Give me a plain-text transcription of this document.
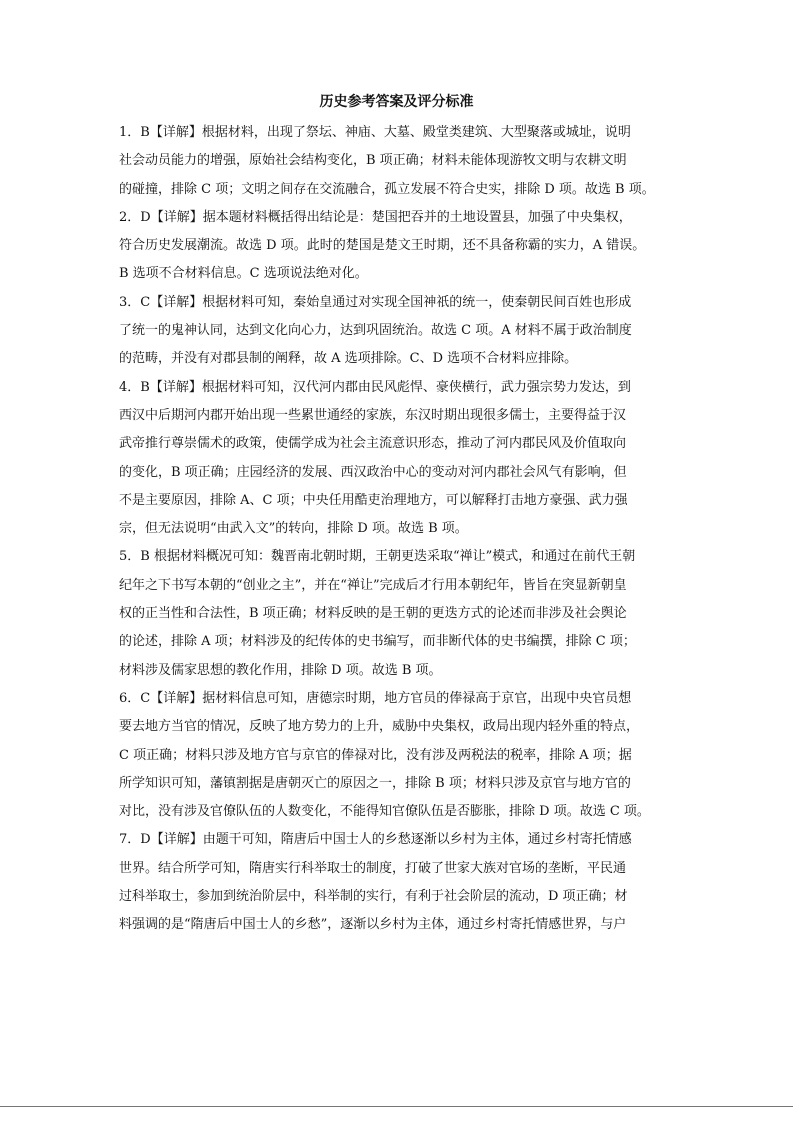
历史参考答案及评分标准
1．B【详解】根据材料，出现了祭坛、神庙、大墓、殿堂类建筑、大型聚落或城址，说明
社会动员能力的增强，原始社会结构变化，B 项正确；材料未能体现游牧文明与农耕文明
的碰撞，排除 C 项；文明之间存在交流融合，孤立发展不符合史实，排除 D 项。故选 B 项。
2．D【详解】据本题材料概括得出结论是：楚国把吞并的土地设置县，加强了中央集权，
符合历史发展潮流。故选 D 项。此时的楚国是楚文王时期，还不具备称霸的实力，A 错误。
B 选项不合材料信息。C 选项说法绝对化。
3．C【详解】根据材料可知，秦始皇通过对实现全国神祇的统一，使秦朝民间百姓也形成
了统一的鬼神认同，达到文化向心力，达到巩固统治。故选 C 项。A 材料不属于政治制度
的范畴，并没有对郡县制的阐释，故 A 选项排除。C、D 选项不合材料应排除。
4．B【详解】根据材料可知，汉代河内郡由民风彪悍、豪侠横行，武力强宗势力发达，到
西汉中后期河内郡开始出现一些累世通经的家族，东汉时期出现很多儒士，主要得益于汉
武帝推行尊崇儒术的政策，使儒学成为社会主流意识形态，推动了河内郡民风及价值取向
的变化，B 项正确；庄园经济的发展、西汉政治中心的变动对河内郡社会风气有影响，但
不是主要原因，排除 A、C 项；中央任用酷吏治理地方，可以解释打击地方豪强、武力强
宗，但无法说明“由武入文”的转向，排除 D 项。故选 B 项。
5．B 根据材料概况可知：魏晋南北朝时期，王朝更迭采取“禅让”模式，和通过在前代王朝
纪年之下书写本朝的“创业之主”，并在“禅让”完成后才行用本朝纪年，皆旨在突显新朝皇
权的正当性和合法性，B 项正确；材料反映的是王朝的更迭方式的论述而非涉及社会舆论
的论述，排除 A 项；材料涉及的纪传体的史书编写，而非断代体的史书编撰，排除 C 项；
材料涉及儒家思想的教化作用，排除 D 项。故选 B 项。
6．C【详解】据材料信息可知，唐德宗时期，地方官员的俸禄高于京官，出现中央官员想
要去地方当官的情况，反映了地方势力的上升，威胁中央集权，政局出现内轻外重的特点，
C 项正确；材料只涉及地方官与京官的俸禄对比，没有涉及两税法的税率，排除 A 项；据
所学知识可知，藩镇割据是唐朝灭亡的原因之一，排除 B 项；材料只涉及京官与地方官的
对比，没有涉及官僚队伍的人数变化，不能得知官僚队伍是否膨胀，排除 D 项。故选 C 项。
7．D【详解】由题干可知，隋唐后中国士人的乡愁逐渐以乡村为主体，通过乡村寄托情感
世界。结合所学可知，隋唐实行科举取士的制度，打破了世家大族对官场的垄断，平民通
过科举取士，参加到统治阶层中，科举制的实行，有利于社会阶层的流动，D 项正确；材
料强调的是“隋唐后中国士人的乡愁”，逐渐以乡村为主体，通过乡村寄托情感世界，与户
